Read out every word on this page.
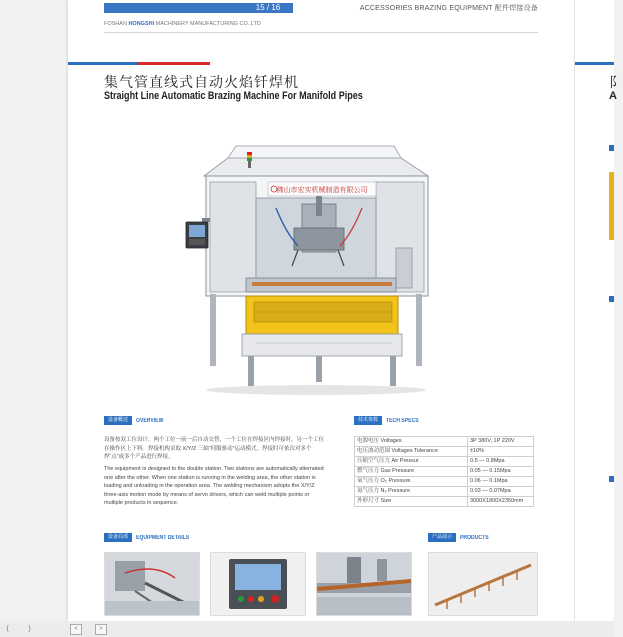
15 / 16	ACCESSORIES BRAZING EQUIPMENT 配件焊接设备
FOSHAN HONGSHI MACHINERY MANUFACTURING CO.,LTD
集气管直线式自动火焰钎焊机
Straight Line Automatic Brazing Machine For Manifold Pipes
佛山市宏实机械制造有限公司
设备概述	OVERVIEW
设备按双工位设计，两个工位一前一后自动交替，一个工位在焊接区内焊接时，另一个工位在操作区上下料。焊接机构采取 X/Y/Z 三轴“伺服驱动”运动模式，焊接时可依次对多个焊“点”或多个产品进行焊接。
The equipment is designed to the double station. Two stations are automatically alternated one after the other. When one station is running in the welding area, the other station is loading and unloading in the operation area. The welding mechanism adopts the X/Y/Z three-axis motion mode by means of servo drivers, which can weld multiple points or multiple products in sequence.
技术参数	TECH SPECS
电源电压 Voltages	3P 380V, 1P 220V
电压波动范围 Voltages Tolerance	±10%
压缩空气压力 Air Pressur	0.5 — 0.8Mpa
燃气压力 Gas Pressure	0.05 — 0.15Mpa
氧气压力 O₂ Pressure	0.06 — 0.1Mpa
氮气压力 N₂ Pressure	0.03 — 0.07Mpa
外形尺寸 Size	3000X1800X2350mm
设备局部	EQUIPMENT DETAILS	产品展示	PRODUCTS
阝
A
⟨ ⟩	<	>
